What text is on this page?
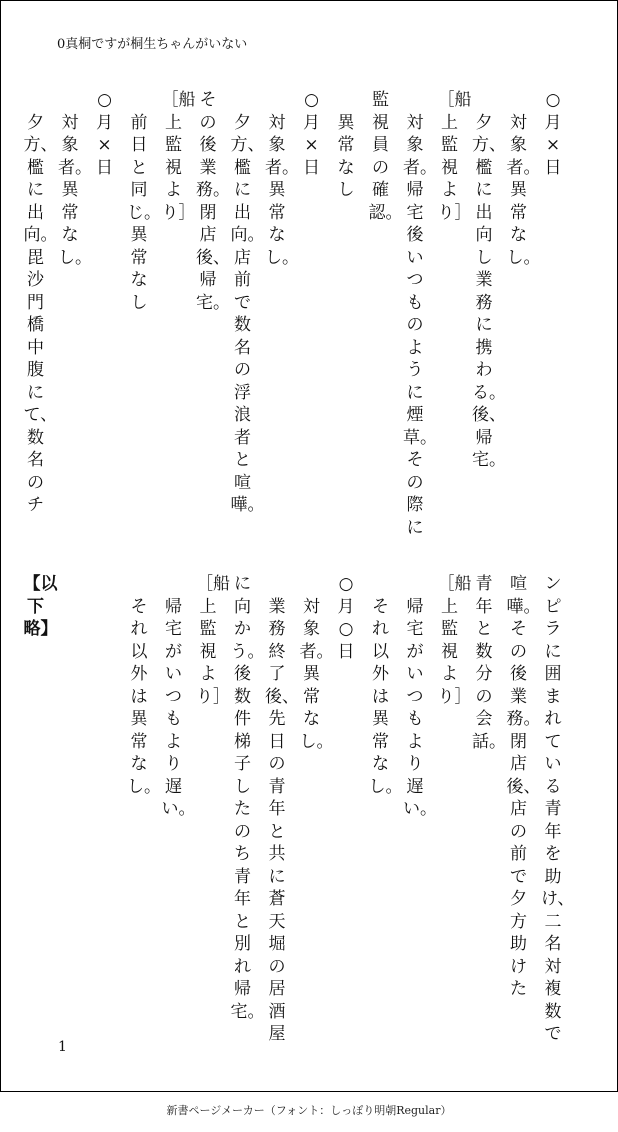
0真桐ですが桐生ちゃんがいない
1
○月×日
対象者。異常なし。
夕方、檻に出向し業務に携わる。後、帰宅。
［船上監視より］
対象者。帰宅後いつものように煙草。その際に
監視員の確認。
異常なし
○月×日
対象者。異常なし。
夕方、檻に出向。店前で数名の浮浪者と喧嘩。
その後業務。閉店後、帰宅。
［船上監視より］
前日と同じ。異常なし
○月×日
対象者。異常なし。
夕方、檻に出向。毘沙門橋中腹にて、数名のチ
ンピラに囲まれている青年を助け、二名対複数で
喧嘩。その後業務。閉店後、店の前で夕方助けた
青年と数分の会話。
［船上監視より］
帰宅がいつもより遅い。
それ以外は異常なし。
○月○日
対象者。異常なし。
業務終了後、先日の青年と共に蒼天堀の居酒屋
に向かう。後数件梯子したのち青年と別れ帰宅。
［船上監視より］
帰宅がいつもより遅い。
それ以外は異常なし。
【以下略】
新書ページメーカー（フォント：しっぽり明朝Regular）
